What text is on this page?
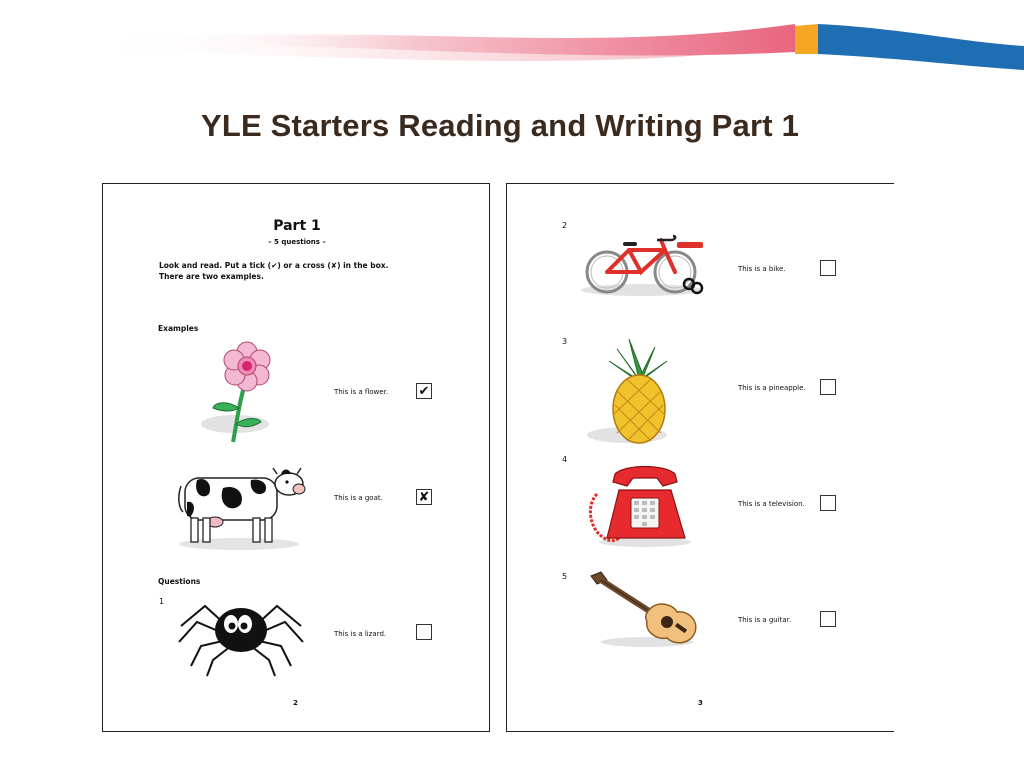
YLE Starters Reading and Writing Part 1
Part 1
– 5 questions –
Look and read. Put a tick (✔) or a cross (✘) in the box.
There are two examples.
Examples
This is a flower. ✔
This is a goat.	✘
Questions
1
This is a lizard.
2
2
This is a bike.
3
This is a pineapple.
4
This is a television.
5
This is a guitar.
3
